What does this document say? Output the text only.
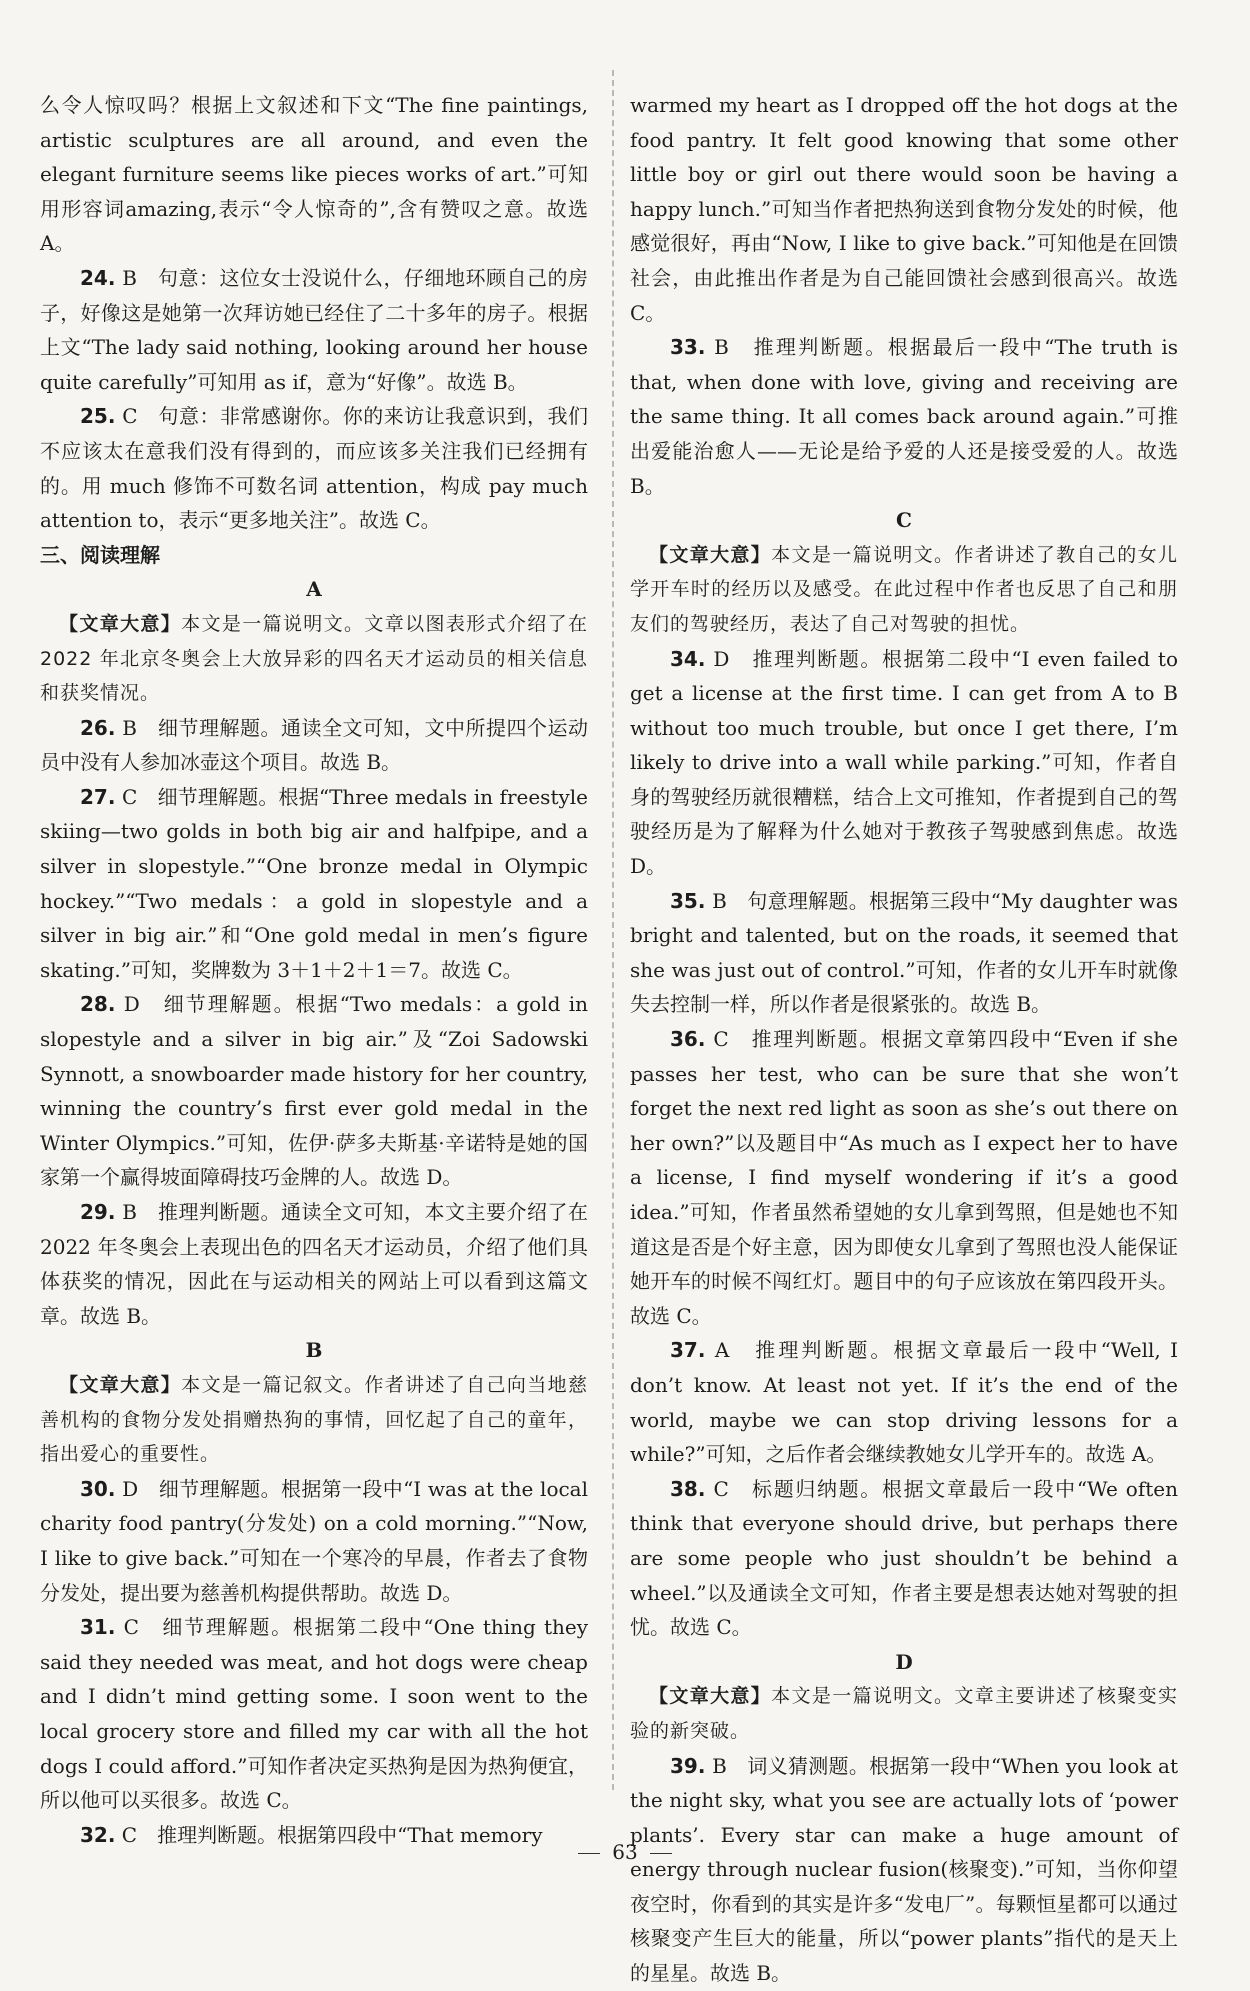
么令人惊叹吗？根据上文叙述和下文“The fine paintings, artistic sculptures are all around, and even the elegant furniture seems like pieces works of art.”可知用形容词amazing,表示“令人惊奇的”,含有赞叹之意。故选 A。

24. B　句意：这位女士没说什么，仔细地环顾自己的房子，好像这是她第一次拜访她已经住了二十多年的房子。根据上文“The lady said nothing, looking around her house quite carefully”可知用 as if，意为“好像”。故选 B。

25. C　句意：非常感谢你。你的来访让我意识到，我们不应该太在意我们没有得到的，而应该多关注我们已经拥有的。用 much 修饰不可数名词 attention，构成 pay much attention to，表示“更多地关注”。故选 C。

三、阅读理解
A

【文章大意】本文是一篇说明文。文章以图表形式介绍了在 2022 年北京冬奥会上大放异彩的四名天才运动员的相关信息和获奖情况。

26. B　细节理解题。通读全文可知，文中所提四个运动员中没有人参加冰壶这个项目。故选 B。

27. C　细节理解题。根据“Three medals in freestyle skiing—two golds in both big air and halfpipe, and a silver in slopestyle.”“One bronze medal in Olympic hockey.”“Two medals：a gold in slopestyle and a silver in big air.”和“One gold medal in men’s figure skating.”可知，奖牌数为 3＋1＋2＋1＝7。故选 C。

28. D　细节理解题。根据“Two medals：a gold in slopestyle and a silver in big air.”及“Zoi Sadowski Synnott, a snowboarder made history for her country, winning the country’s first ever gold medal in the Winter Olympics.”可知，佐伊·萨多夫斯基·辛诺特是她的国家第一个赢得坡面障碍技巧金牌的人。故选 D。

29. B　推理判断题。通读全文可知，本文主要介绍了在 2022 年冬奥会上表现出色的四名天才运动员，介绍了他们具体获奖的情况，因此在与运动相关的网站上可以看到这篇文章。故选 B。

B

【文章大意】本文是一篇记叙文。作者讲述了自己向当地慈善机构的食物分发处捐赠热狗的事情，回忆起了自己的童年，指出爱心的重要性。

30. D　细节理解题。根据第一段中“I was at the local charity food pantry(分发处) on a cold morning.”“Now, I like to give back.”可知在一个寒冷的早晨，作者去了食物分发处，提出要为慈善机构提供帮助。故选 D。

31. C　细节理解题。根据第二段中“One thing they said they needed was meat, and hot dogs were cheap and I didn’t mind getting some. I soon went to the local grocery store and filled my car with all the hot dogs I could afford.”可知作者决定买热狗是因为热狗便宜，所以他可以买很多。故选 C。

32. C　推理判断题。根据第四段中“That memory

warmed my heart as I dropped off the hot dogs at the food pantry. It felt good knowing that some other little boy or girl out there would soon be having a happy lunch.”可知当作者把热狗送到食物分发处的时候，他感觉很好，再由“Now, I like to give back.”可知他是在回馈社会，由此推出作者是为自己能回馈社会感到很高兴。故选 C。

33. B　推理判断题。根据最后一段中“The truth is that, when done with love, giving and receiving are the same thing. It all comes back around again.”可推出爱能治愈人——无论是给予爱的人还是接受爱的人。故选 B。

C

【文章大意】本文是一篇说明文。作者讲述了教自己的女儿学开车时的经历以及感受。在此过程中作者也反思了自己和朋友们的驾驶经历，表达了自己对驾驶的担忧。

34. D　推理判断题。根据第二段中“I even failed to get a license at the first time. I can get from A to B without too much trouble, but once I get there, I’m likely to drive into a wall while parking.”可知，作者自身的驾驶经历就很糟糕，结合上文可推知，作者提到自己的驾驶经历是为了解释为什么她对于教孩子驾驶感到焦虑。故选 D。

35. B　句意理解题。根据第三段中“My daughter was bright and talented, but on the roads, it seemed that she was just out of control.”可知，作者的女儿开车时就像失去控制一样，所以作者是很紧张的。故选 B。

36. C　推理判断题。根据文章第四段中“Even if she passes her test, who can be sure that she won’t forget the next red light as soon as she’s out there on her own?”以及题目中“As much as I expect her to have a license, I find myself wondering if it’s a good idea.”可知，作者虽然希望她的女儿拿到驾照，但是她也不知道这是否是个好主意，因为即使女儿拿到了驾照也没人能保证她开车的时候不闯红灯。题目中的句子应该放在第四段开头。故选 C。

37. A　推理判断题。根据文章最后一段中“Well, I don’t know. At least not yet. If it’s the end of the world, maybe we can stop driving lessons for a while?”可知，之后作者会继续教她女儿学开车的。故选 A。

38. C　标题归纳题。根据文章最后一段中“We often think that everyone should drive, but perhaps there are some people who just shouldn’t be behind a wheel.”以及通读全文可知，作者主要是想表达她对驾驶的担忧。故选 C。

D

【文章大意】本文是一篇说明文。文章主要讲述了核聚变实验的新突破。

39. B　词义猜测题。根据第一段中“When you look at the night sky, what you see are actually lots of ‘power plants’. Every star can make a huge amount of energy through nuclear fusion(核聚变).”可知，当你仰望夜空时，你看到的其实是许多“发电厂”。每颗恒星都可以通过核聚变产生巨大的能量，所以“power plants”指代的是天上的星星。故选 B。

63
